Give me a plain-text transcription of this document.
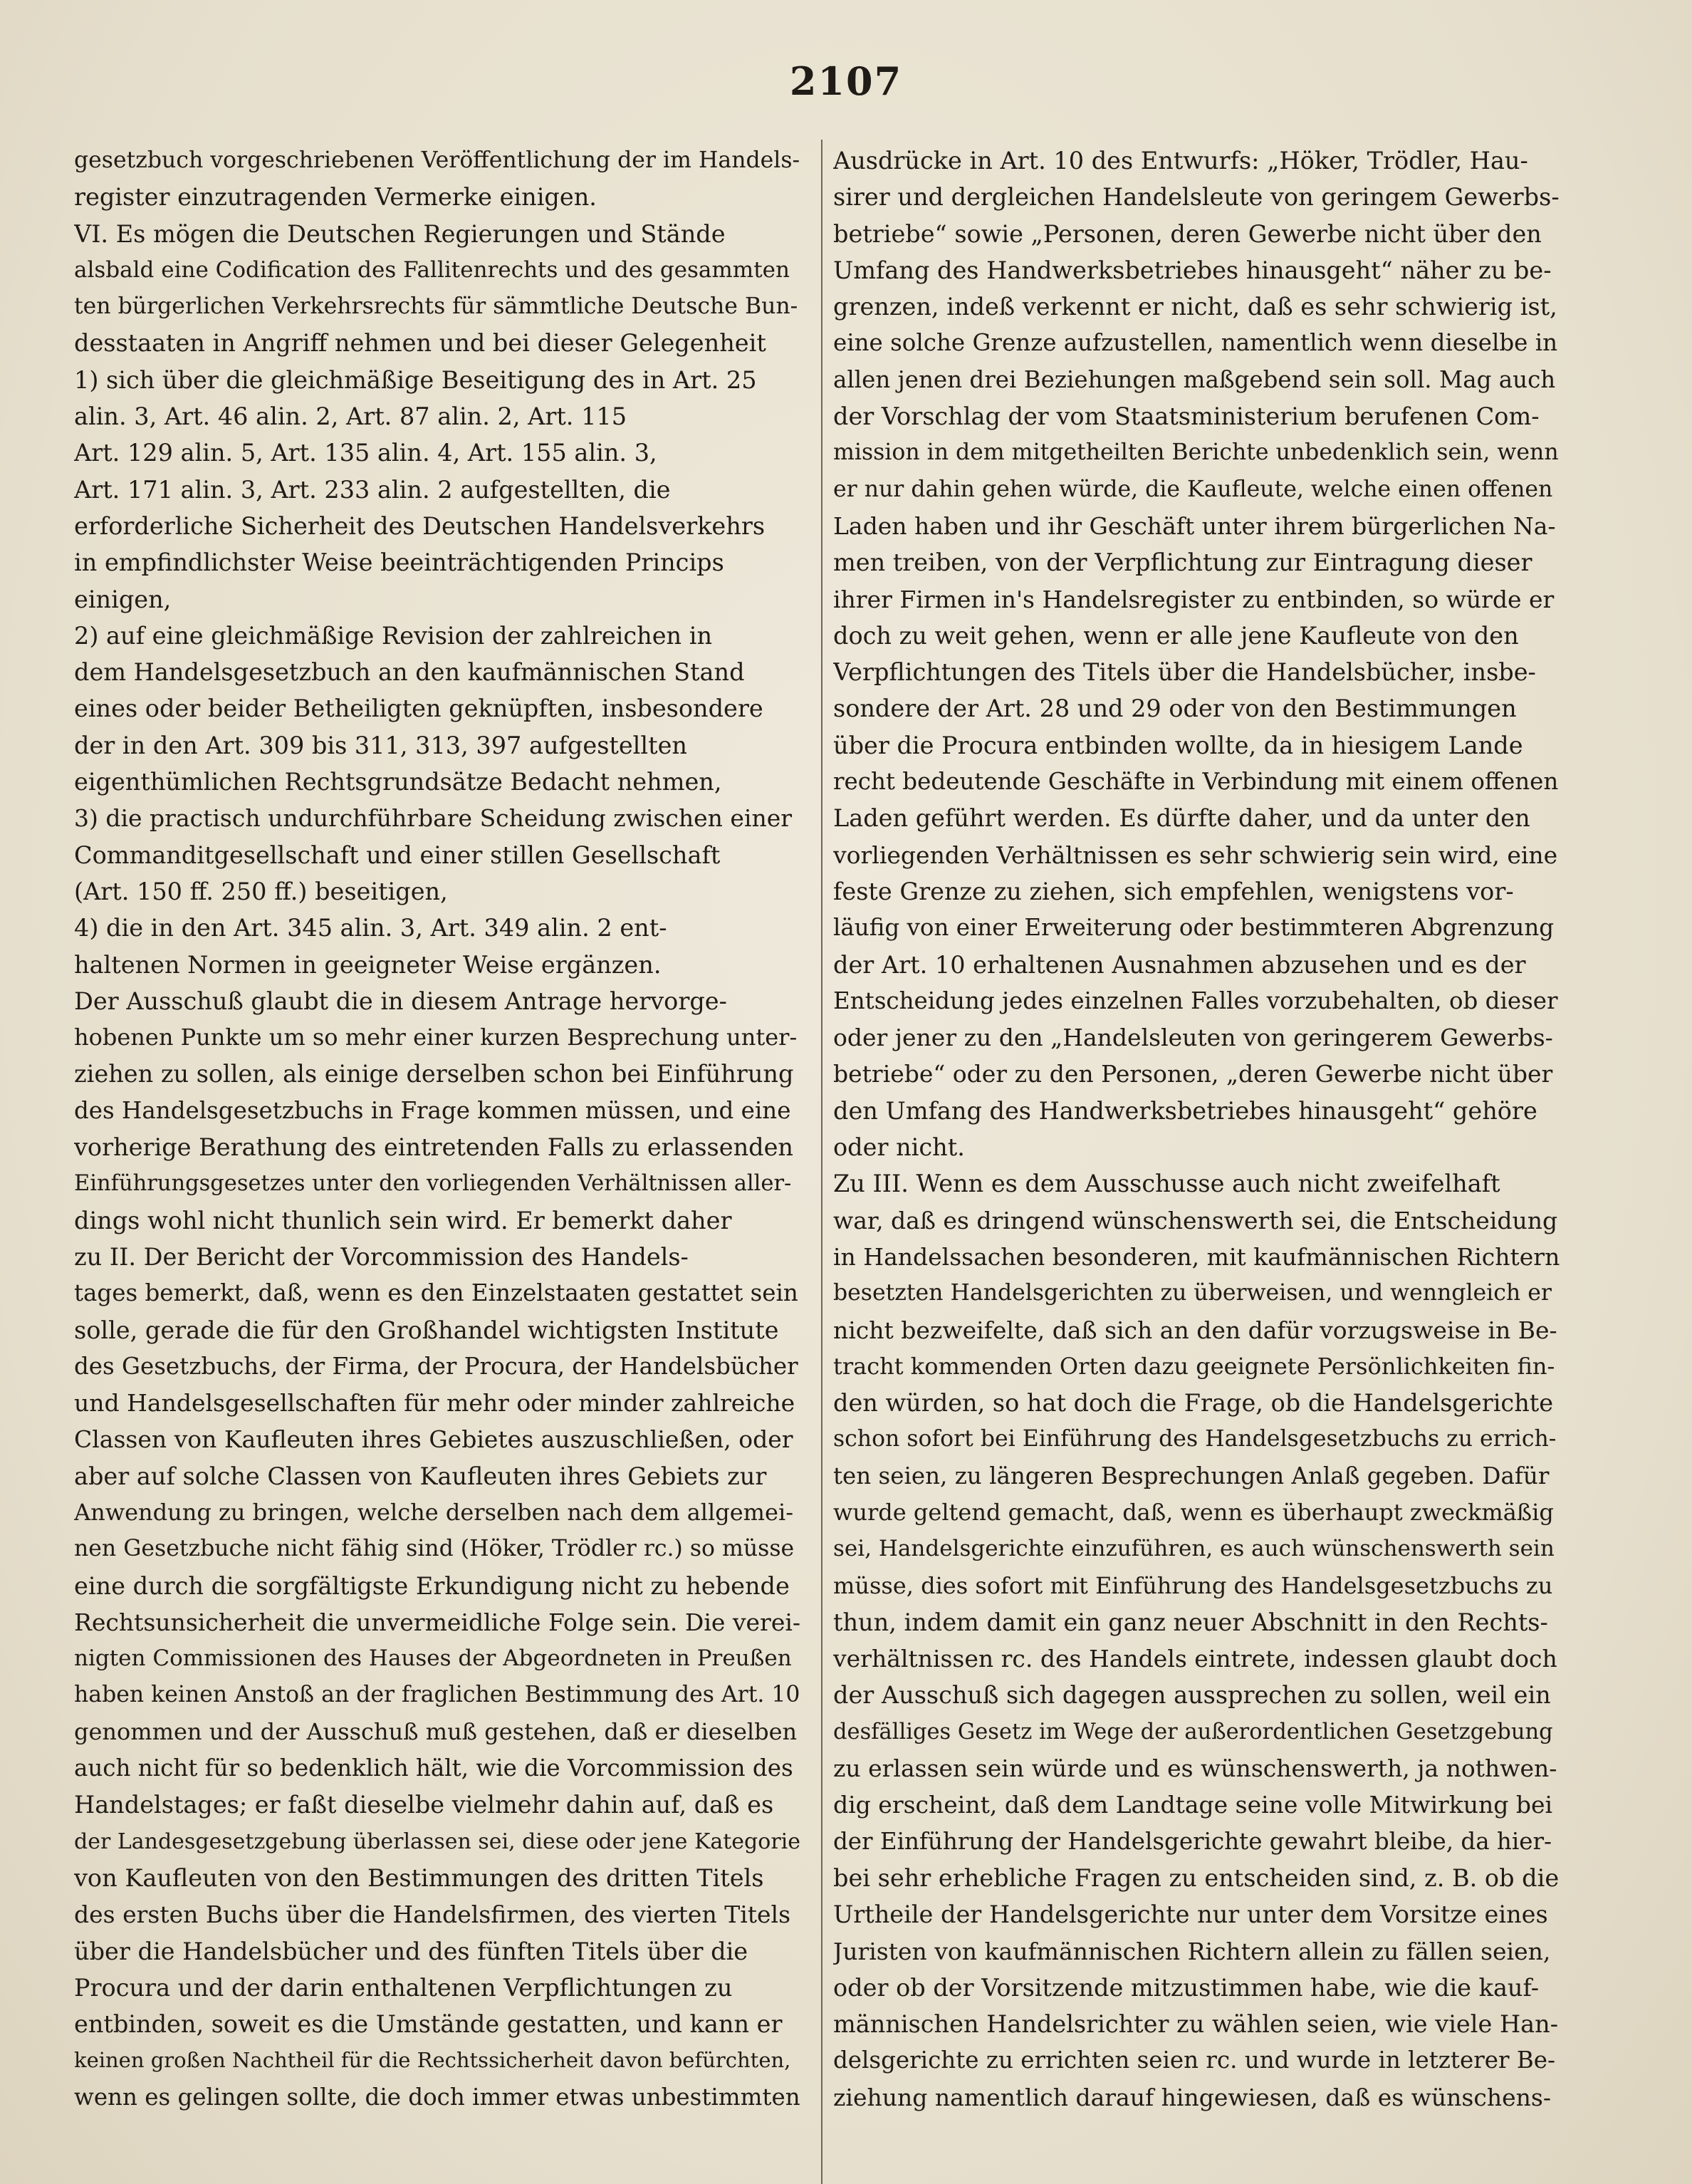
2107
gesetzbuch vorgeschriebenen Veröffentlichung der im Handels-
register einzutragenden Vermerke einigen.
VI. Es mögen die Deutschen Regierungen und Stände
alsbald eine Codification des Fallitenrechts und des gesammten
ten bürgerlichen Verkehrsrechts für sämmtliche Deutsche Bun-
desstaaten in Angriff nehmen und bei dieser Gelegenheit
1) sich über die gleichmäßige Beseitigung des in Art. 25
alin. 3, Art. 46 alin. 2, Art. 87 alin. 2, Art. 115
Art. 129 alin. 5, Art. 135 alin. 4, Art. 155 alin. 3,
Art. 171 alin. 3, Art. 233 alin. 2 aufgestellten, die
erforderliche Sicherheit des Deutschen Handelsverkehrs
in empfindlichster Weise beeinträchtigenden Princips
einigen,
2) auf eine gleichmäßige Revision der zahlreichen in
dem Handelsgesetzbuch an den kaufmännischen Stand
eines oder beider Betheiligten geknüpften, insbesondere
der in den Art. 309 bis 311, 313, 397 aufgestellten
eigenthümlichen Rechtsgrundsätze Bedacht nehmen,
3) die practisch undurchführbare Scheidung zwischen einer
Commanditgesellschaft und einer stillen Gesellschaft
(Art. 150 ff. 250 ff.) beseitigen,
4) die in den Art. 345 alin. 3, Art. 349 alin. 2 ent-
haltenen Normen in geeigneter Weise ergänzen.
Der Ausschuß glaubt die in diesem Antrage hervorge-
hobenen Punkte um so mehr einer kurzen Besprechung unter-
ziehen zu sollen, als einige derselben schon bei Einführung
des Handelsgesetzbuchs in Frage kommen müssen, und eine
vorherige Berathung des eintretenden Falls zu erlassenden
Einführungsgesetzes unter den vorliegenden Verhältnissen aller-
dings wohl nicht thunlich sein wird. Er bemerkt daher
zu II. Der Bericht der Vorcommission des Handels-
tages bemerkt, daß, wenn es den Einzelstaaten gestattet sein
solle, gerade die für den Großhandel wichtigsten Institute
des Gesetzbuchs, der Firma, der Procura, der Handelsbücher
und Handelsgesellschaften für mehr oder minder zahlreiche
Classen von Kaufleuten ihres Gebietes auszuschließen, oder
aber auf solche Classen von Kaufleuten ihres Gebiets zur
Anwendung zu bringen, welche derselben nach dem allgemei-
nen Gesetzbuche nicht fähig sind (Höker, Trödler rc.) so müsse
eine durch die sorgfältigste Erkundigung nicht zu hebende
Rechtsunsicherheit die unvermeidliche Folge sein. Die verei-
nigten Commissionen des Hauses der Abgeordneten in Preußen
haben keinen Anstoß an der fraglichen Bestimmung des Art. 10
genommen und der Ausschuß muß gestehen, daß er dieselben
auch nicht für so bedenklich hält, wie die Vorcommission des
Handelstages; er faßt dieselbe vielmehr dahin auf, daß es
der Landesgesetzgebung überlassen sei, diese oder jene Kategorie
von Kaufleuten von den Bestimmungen des dritten Titels
des ersten Buchs über die Handelsfirmen, des vierten Titels
über die Handelsbücher und des fünften Titels über die
Procura und der darin enthaltenen Verpflichtungen zu
entbinden, soweit es die Umstände gestatten, und kann er
keinen großen Nachtheil für die Rechtssicherheit davon befürchten,
wenn es gelingen sollte, die doch immer etwas unbestimmten
Ausdrücke in Art. 10 des Entwurfs: „Höker, Trödler, Hau-
sirer und dergleichen Handelsleute von geringem Gewerbs-
betriebe“ sowie „Personen, deren Gewerbe nicht über den
Umfang des Handwerksbetriebes hinausgeht“ näher zu be-
grenzen, indeß verkennt er nicht, daß es sehr schwierig ist,
eine solche Grenze aufzustellen, namentlich wenn dieselbe in
allen jenen drei Beziehungen maßgebend sein soll. Mag auch
der Vorschlag der vom Staatsministerium berufenen Com-
mission in dem mitgetheilten Berichte unbedenklich sein, wenn
er nur dahin gehen würde, die Kaufleute, welche einen offenen
Laden haben und ihr Geschäft unter ihrem bürgerlichen Na-
men treiben, von der Verpflichtung zur Eintragung dieser
ihrer Firmen in's Handelsregister zu entbinden, so würde er
doch zu weit gehen, wenn er alle jene Kaufleute von den
Verpflichtungen des Titels über die Handelsbücher, insbe-
sondere der Art. 28 und 29 oder von den Bestimmungen
über die Procura entbinden wollte, da in hiesigem Lande
recht bedeutende Geschäfte in Verbindung mit einem offenen
Laden geführt werden. Es dürfte daher, und da unter den
vorliegenden Verhältnissen es sehr schwierig sein wird, eine
feste Grenze zu ziehen, sich empfehlen, wenigstens vor-
läufig von einer Erweiterung oder bestimmteren Abgrenzung
der Art. 10 erhaltenen Ausnahmen abzusehen und es der
Entscheidung jedes einzelnen Falles vorzubehalten, ob dieser
oder jener zu den „Handelsleuten von geringerem Gewerbs-
betriebe“ oder zu den Personen, „deren Gewerbe nicht über
den Umfang des Handwerksbetriebes hinausgeht“ gehöre
oder nicht.
Zu III. Wenn es dem Ausschusse auch nicht zweifelhaft
war, daß es dringend wünschenswerth sei, die Entscheidung
in Handelssachen besonderen, mit kaufmännischen Richtern
besetzten Handelsgerichten zu überweisen, und wenngleich er
nicht bezweifelte, daß sich an den dafür vorzugsweise in Be-
tracht kommenden Orten dazu geeignete Persönlichkeiten fin-
den würden, so hat doch die Frage, ob die Handelsgerichte
schon sofort bei Einführung des Handelsgesetzbuchs zu errich-
ten seien, zu längeren Besprechungen Anlaß gegeben. Dafür
wurde geltend gemacht, daß, wenn es überhaupt zweckmäßig
sei, Handelsgerichte einzuführen, es auch wünschenswerth sein
müsse, dies sofort mit Einführung des Handelsgesetzbuchs zu
thun, indem damit ein ganz neuer Abschnitt in den Rechts-
verhältnissen rc. des Handels eintrete, indessen glaubt doch
der Ausschuß sich dagegen aussprechen zu sollen, weil ein
desfälliges Gesetz im Wege der außerordentlichen Gesetzgebung
zu erlassen sein würde und es wünschenswerth, ja nothwen-
dig erscheint, daß dem Landtage seine volle Mitwirkung bei
der Einführung der Handelsgerichte gewahrt bleibe, da hier-
bei sehr erhebliche Fragen zu entscheiden sind, z. B. ob die
Urtheile der Handelsgerichte nur unter dem Vorsitze eines
Juristen von kaufmännischen Richtern allein zu fällen seien,
oder ob der Vorsitzende mitzustimmen habe, wie die kauf-
männischen Handelsrichter zu wählen seien, wie viele Han-
delsgerichte zu errichten seien rc. und wurde in letzterer Be-
ziehung namentlich darauf hingewiesen, daß es wünschens-
